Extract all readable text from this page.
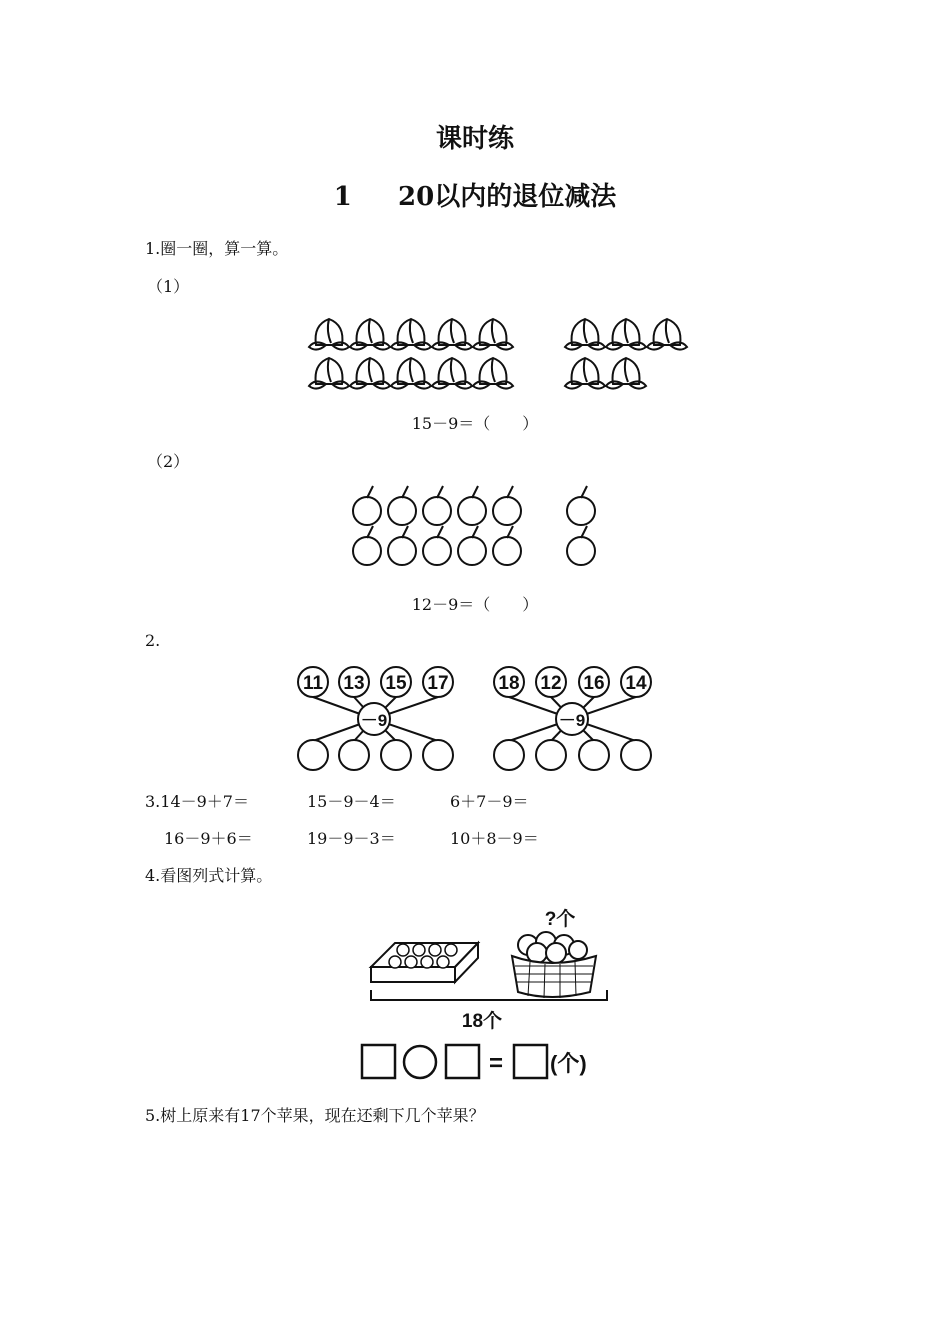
课时练
1 20以内的退位减法
1.圈一圈，算一算。
（1）
15－9＝（　　）
（2）
12－9＝（　　）
2.
11 13 15 17
－9
18 12 16 14
－9
3.14－9＋7＝	15－9－4＝	6＋7－9＝
16－9＋6＝	19－9－3＝	10＋8－9＝
4.看图列式计算。
?个
18个
= (个)
5.树上原来有17个苹果，现在还剩下几个苹果？
